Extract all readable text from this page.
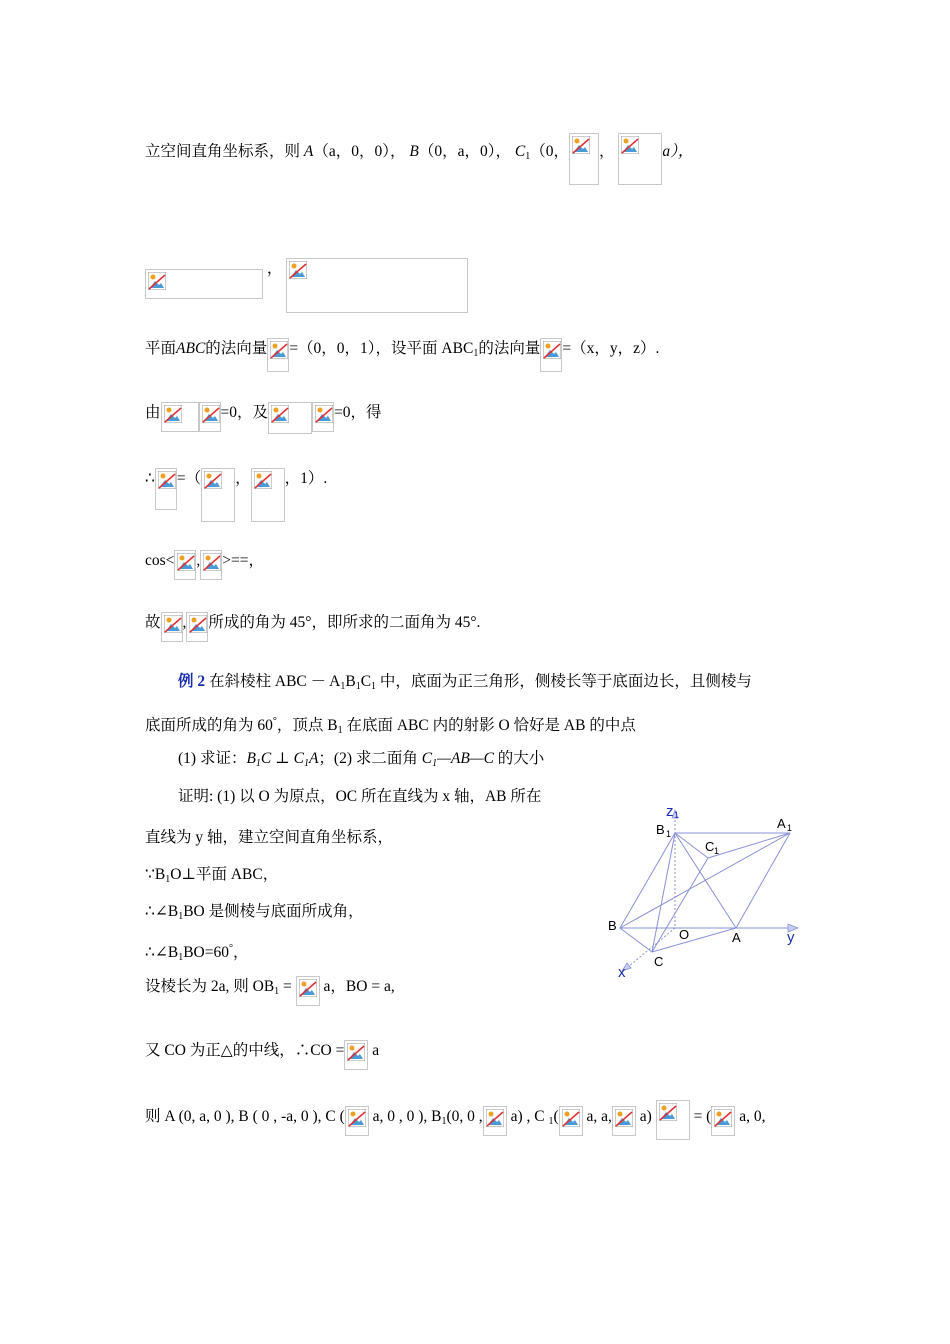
立空间直角坐标系，则 A（a，0，0）， B（0，a，0）， $C_1(0$， ，	a），
，
平面ABC的法向量 =（0，0，1），设平面 $ABC_1$的法向量 =（x，y，z）.
由	=0，及	=0，得
∴ =（ ， ，1）.
cos< , >==，
故 , 所成的角为 45°，即所求的二面角为 45°.
例 2 在斜棱柱 ABC － $A_1B_1C_1$ 中，底面为正三角形，侧棱长等于底面边长，且侧棱与
底面所成的角为 60°，顶点 $B_1$ 在底面 ABC 内的射影 O 恰好是 AB 的中点
(1) 求证：$B_1C$ ⊥ $C_1A$；(2) 求二面角 $C_1—AB—C$ 的大小
证明: (1) 以 O 为原点，OC 所在直线为 x 轴，AB 所在
直线为 y 轴，建立空间直角坐标系，
$\because B_1O\perp$平面 ABC，
$\therefore\angle B_1BO$ 是侧棱与底面所成角，
$\therefore\angle B_1BO=60^\circ$，
设棱长为 2a, 则 $OB_1$ =
a，BO = a,
又 CO 为正△的中线，∴CO =
a
则 A (0, a, 0 ), B ( 0 , -a, 0 ), C (
a, 0 , 0 ), $B_1(0$, 0 ,
a) , C $_1$(
a, a,
a)
= (
a, 0,
z 1
B 1
A 1
C 1
B
O	A	y
x
C
